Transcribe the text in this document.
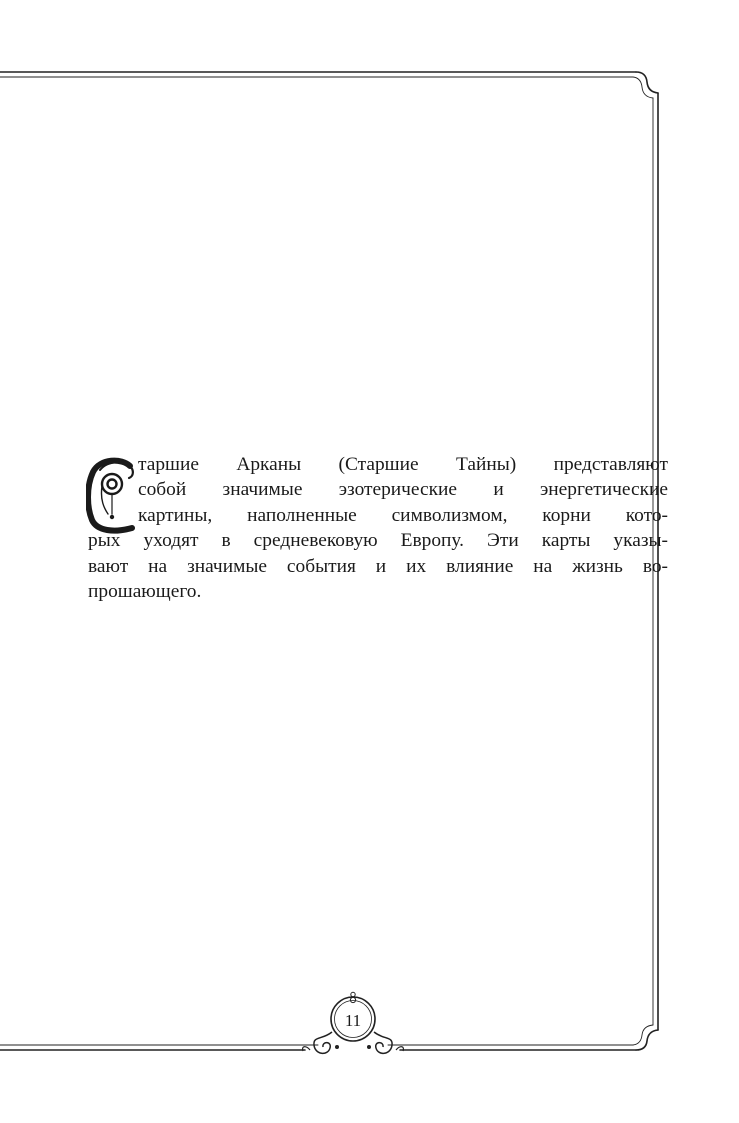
таршие Арканы (Старшие Тайны) представляют
собой значимые эзотерические и энергетические
картины, наполненные символизмом, корни кото-
рых уходят в средневековую Европу. Эти карты указы-
вают на значимые события и их влияние на жизнь во-
прошающего.
11
